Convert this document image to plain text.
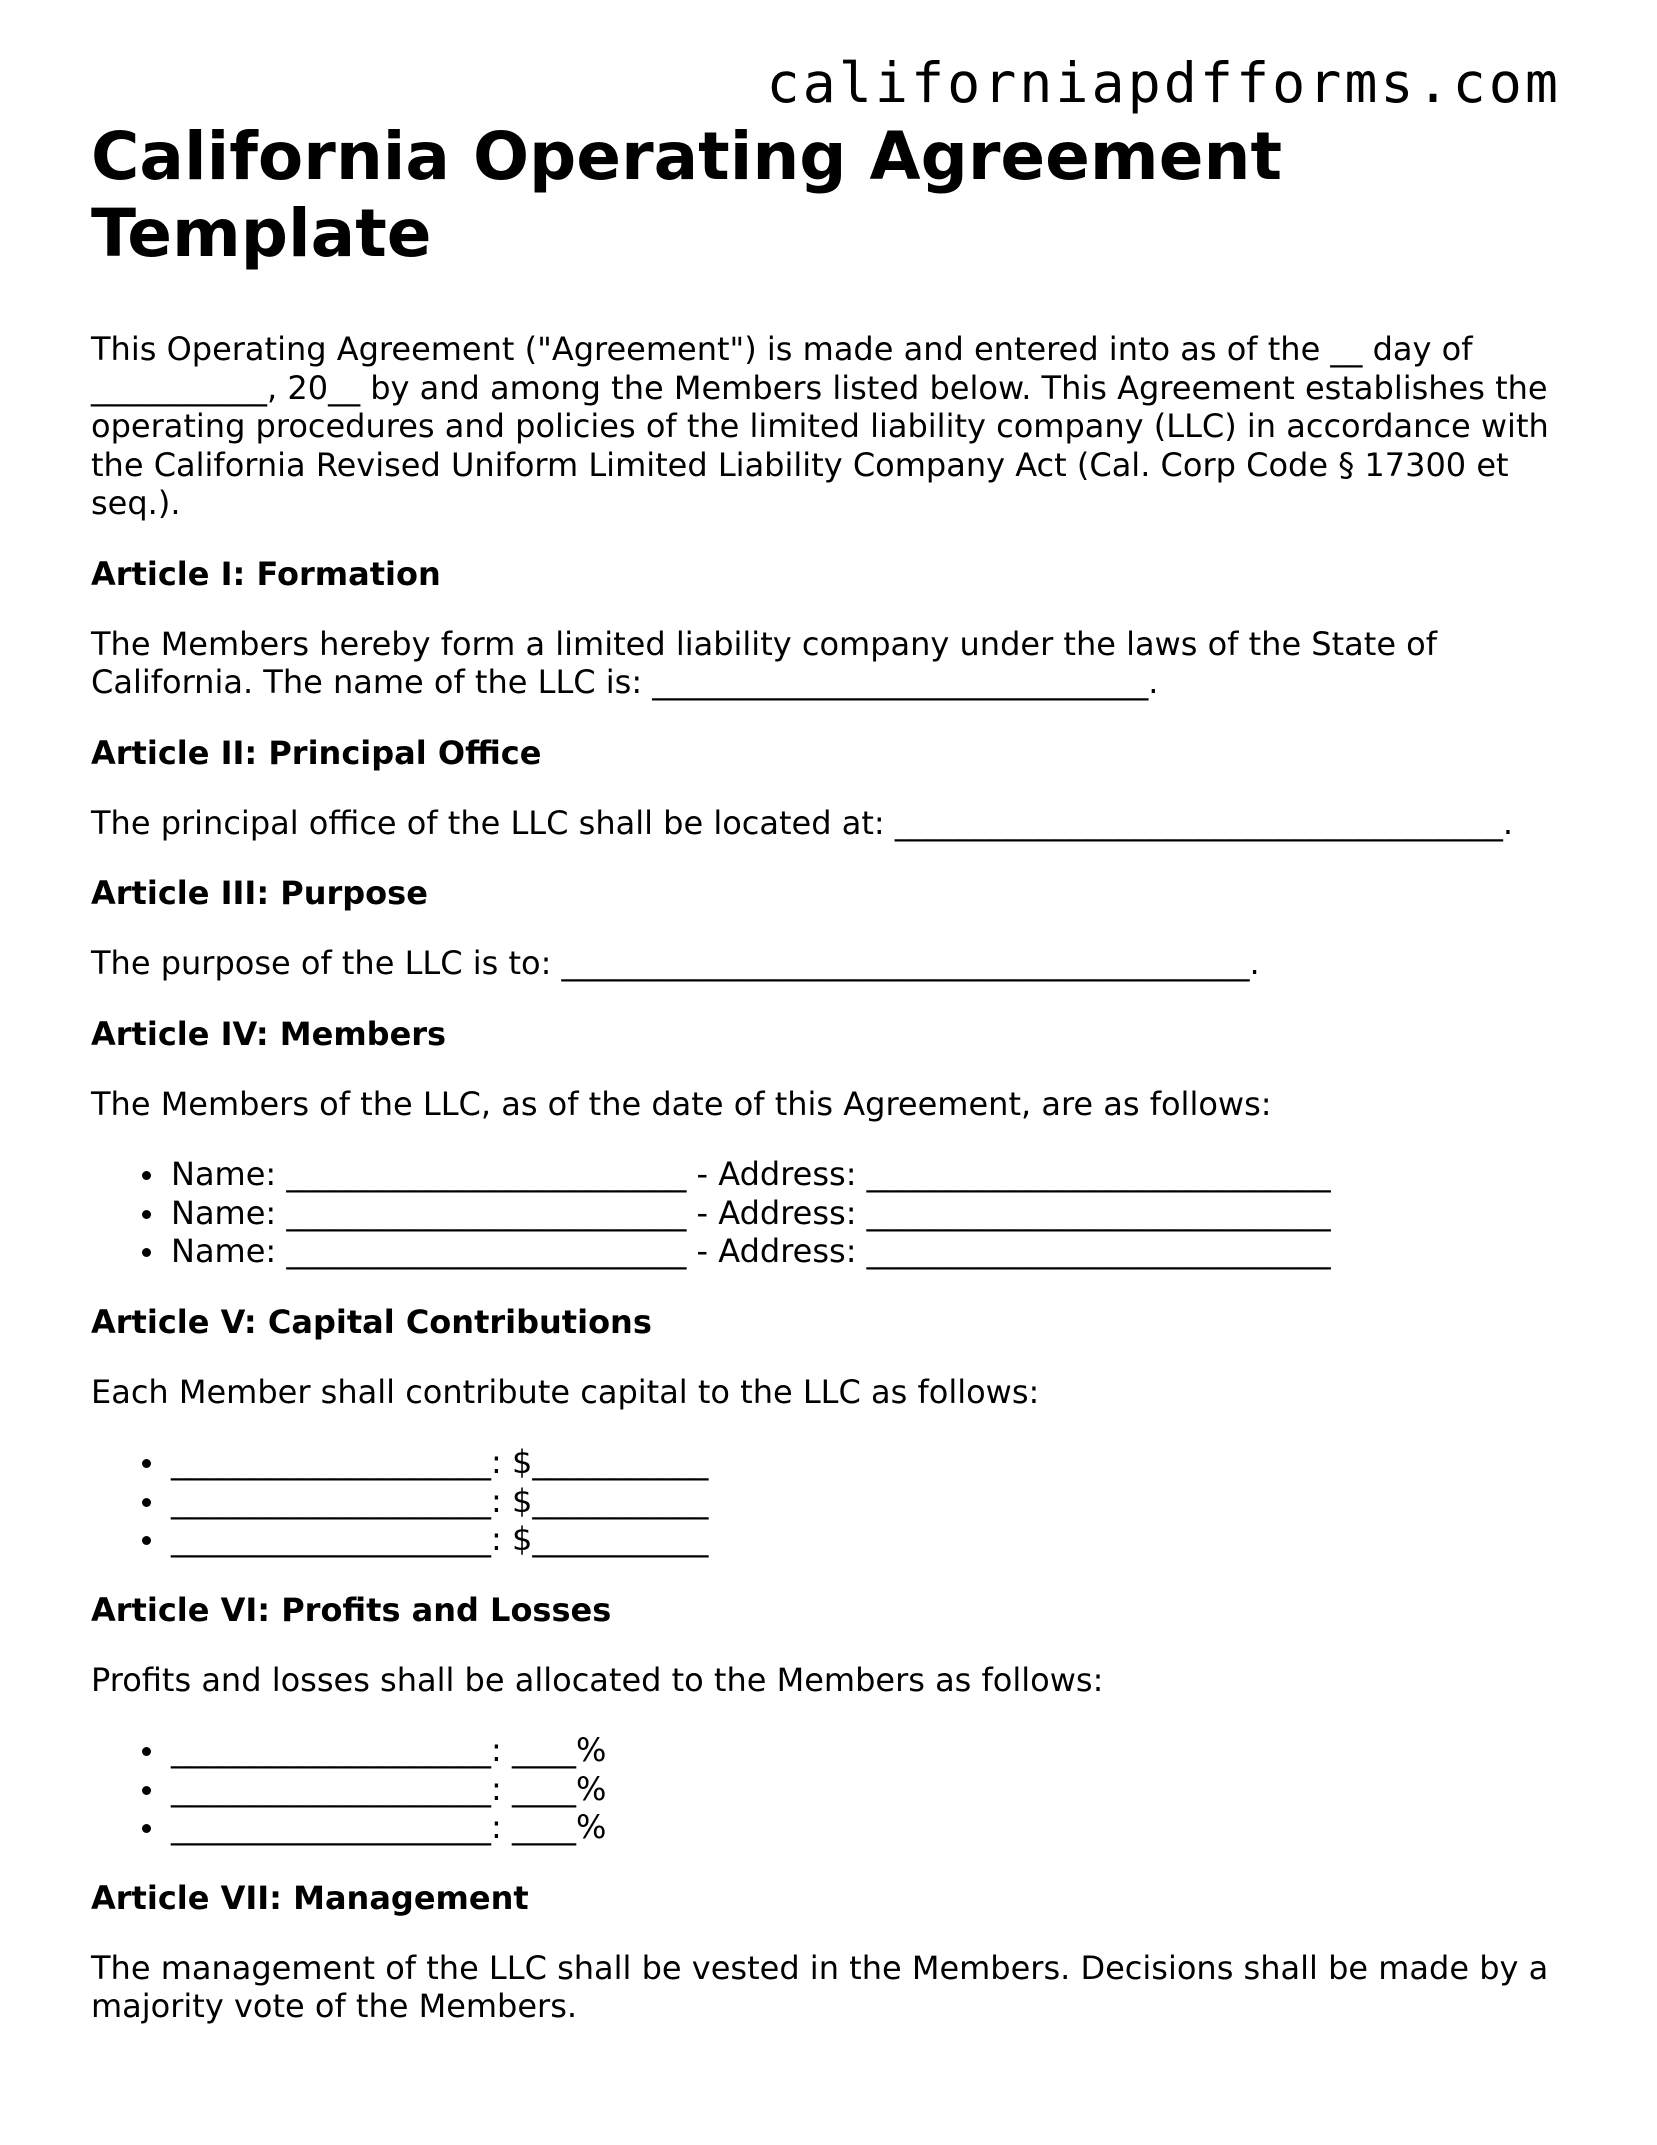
californiapdfforms.com
California Operating Agreement Template

This Operating Agreement ("Agreement") is made and entered into as of the __ day of ___________, 20__ by and among the Members listed below. This Agreement establishes the operating procedures and policies of the limited liability company (LLC) in accordance with the California Revised Uniform Limited Liability Company Act (Cal. Corp Code § 17300 et seq.).

Article I: Formation

The Members hereby form a limited liability company under the laws of the State of California. The name of the LLC is: _______________________________.

Article II: Principal Office

The principal office of the LLC shall be located at: ______________________________________.

Article III: Purpose

The purpose of the LLC is to: ___________________________________________.

Article IV: Members

The Members of the LLC, as of the date of this Agreement, are as follows:

Name: _________________________ - Address: _____________________________
Name: _________________________ - Address: _____________________________
Name: _________________________ - Address: _____________________________
Article V: Capital Contributions

Each Member shall contribute capital to the LLC as follows:

____________________: $___________
____________________: $___________
____________________: $___________
Article VI: Profits and Losses

Profits and losses shall be allocated to the Members as follows:

____________________: ____%
____________________: ____%
____________________: ____%
Article VII: Management

The management of the LLC shall be vested in the Members. Decisions shall be made by a majority vote of the Members.
